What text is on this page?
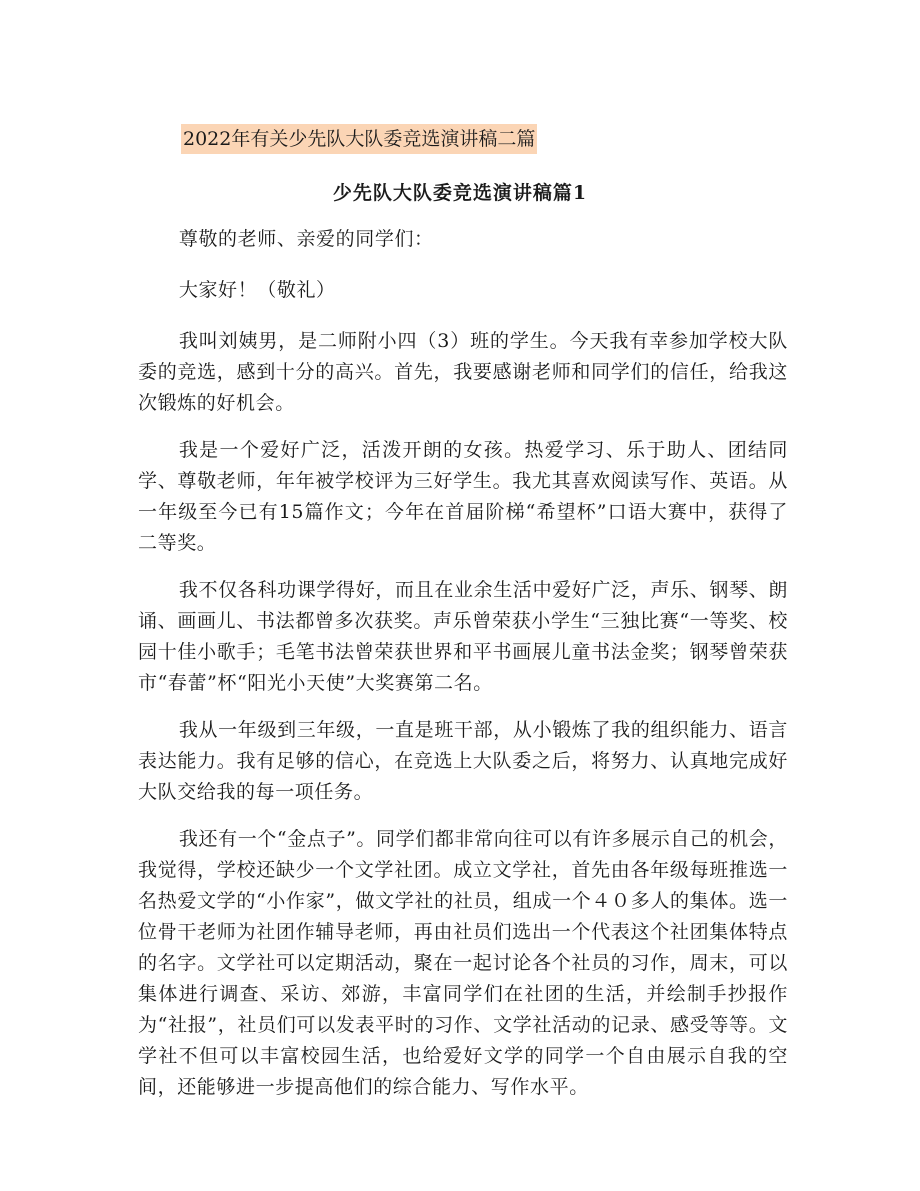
2022年有关少先队大队委竞选演讲稿二篇
少先队大队委竞选演讲稿篇1

尊敬的老师、亲爱的同学们：

大家好！（敬礼）

我叫刘姨男，是二师附小四（3）班的学生。今天我有幸参加学校大队委的竞选，感到十分的高兴。首先，我要感谢老师和同学们的信任，给我这次锻炼的好机会。

我是一个爱好广泛，活泼开朗的女孩。热爱学习、乐于助人、团结同学、尊敬老师，年年被学校评为三好学生。我尤其喜欢阅读写作、英语。从一年级至今已有15篇作文；今年在首届阶梯“希望杯”口语大赛中，获得了二等奖。

我不仅各科功课学得好，而且在业余生活中爱好广泛，声乐、钢琴、朗诵、画画儿、书法都曾多次获奖。声乐曾荣获小学生“三独比赛“一等奖、校园十佳小歌手；毛笔书法曾荣获世界和平书画展儿童书法金奖；钢琴曾荣获市“春蕾”杯“阳光小天使”大奖赛第二名。

我从一年级到三年级，一直是班干部，从小锻炼了我的组织能力、语言表达能力。我有足够的信心，在竞选上大队委之后，将努力、认真地完成好大队交给我的每一项任务。

我还有一个“金点子”。同学们都非常向往可以有许多展示自己的机会，我觉得，学校还缺少一个文学社团。成立文学社，首先由各年级每班推选一名热爱文学的“小作家”，做文学社的社员，组成一个４０多人的集体。选一位骨干老师为社团作辅导老师，再由社员们选出一个代表这个社团集体特点的名字。文学社可以定期活动，聚在一起讨论各个社员的习作，周末，可以集体进行调查、采访、郊游，丰富同学们在社团的生活，并绘制手抄报作为“社报”，社员们可以发表平时的习作、文学社活动的记录、感受等等。文学社不但可以丰富校园生活，也给爱好文学的同学一个自由展示自我的空间，还能够进一步提高他们的综合能力、写作水平。
